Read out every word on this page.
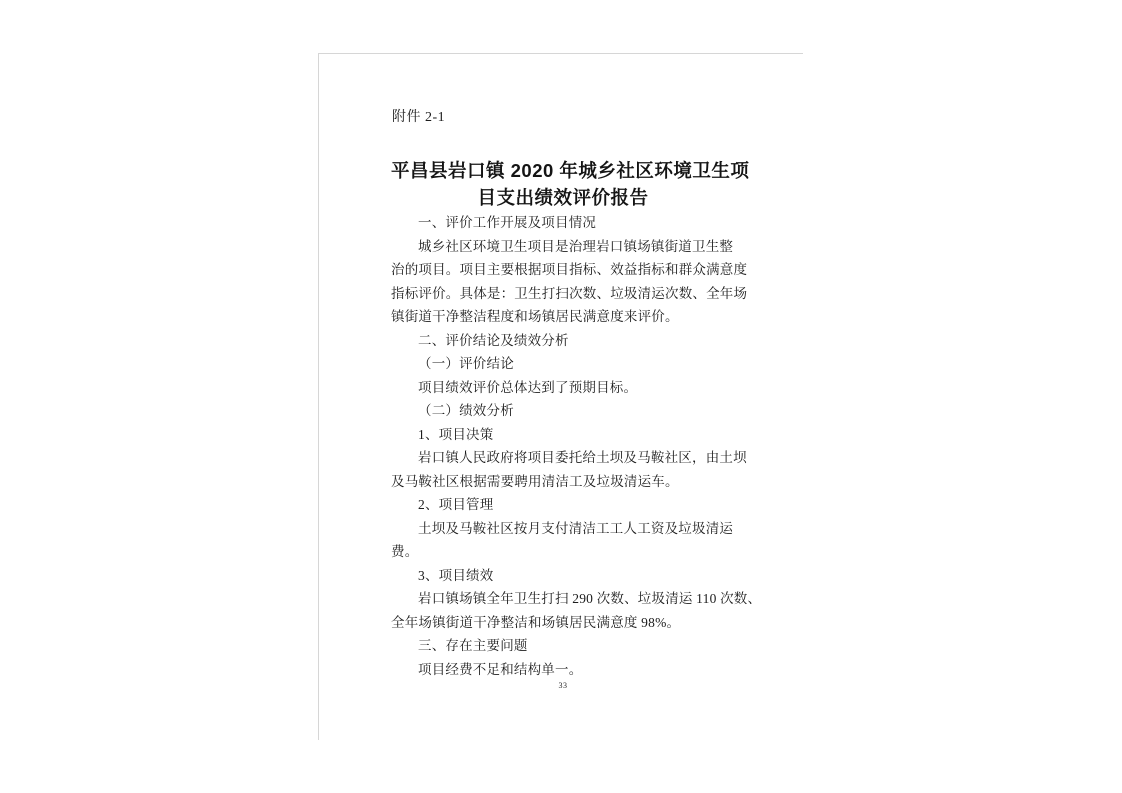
附件 2-1
平昌县岩口镇 2020 年城乡社区环境卫生项
目支出绩效评价报告
一、评价工作开展及项目情况
城乡社区环境卫生项目是治理岩口镇场镇街道卫生整
治的项目。项目主要根据项目指标、效益指标和群众满意度
指标评价。具体是：卫生打扫次数、垃圾清运次数、全年场
镇街道干净整洁程度和场镇居民满意度来评价。
二、评价结论及绩效分析
（一）评价结论
项目绩效评价总体达到了预期目标。
（二）绩效分析
1、项目决策
岩口镇人民政府将项目委托给土坝及马鞍社区，由土坝
及马鞍社区根据需要聘用清洁工及垃圾清运车。
2、项目管理
土坝及马鞍社区按月支付清洁工工人工资及垃圾清运
费。
3、项目绩效
岩口镇场镇全年卫生打扫 290 次数、垃圾清运 110 次数、
全年场镇街道干净整洁和场镇居民满意度 98%。
三、存在主要问题
项目经费不足和结构单一。
33
